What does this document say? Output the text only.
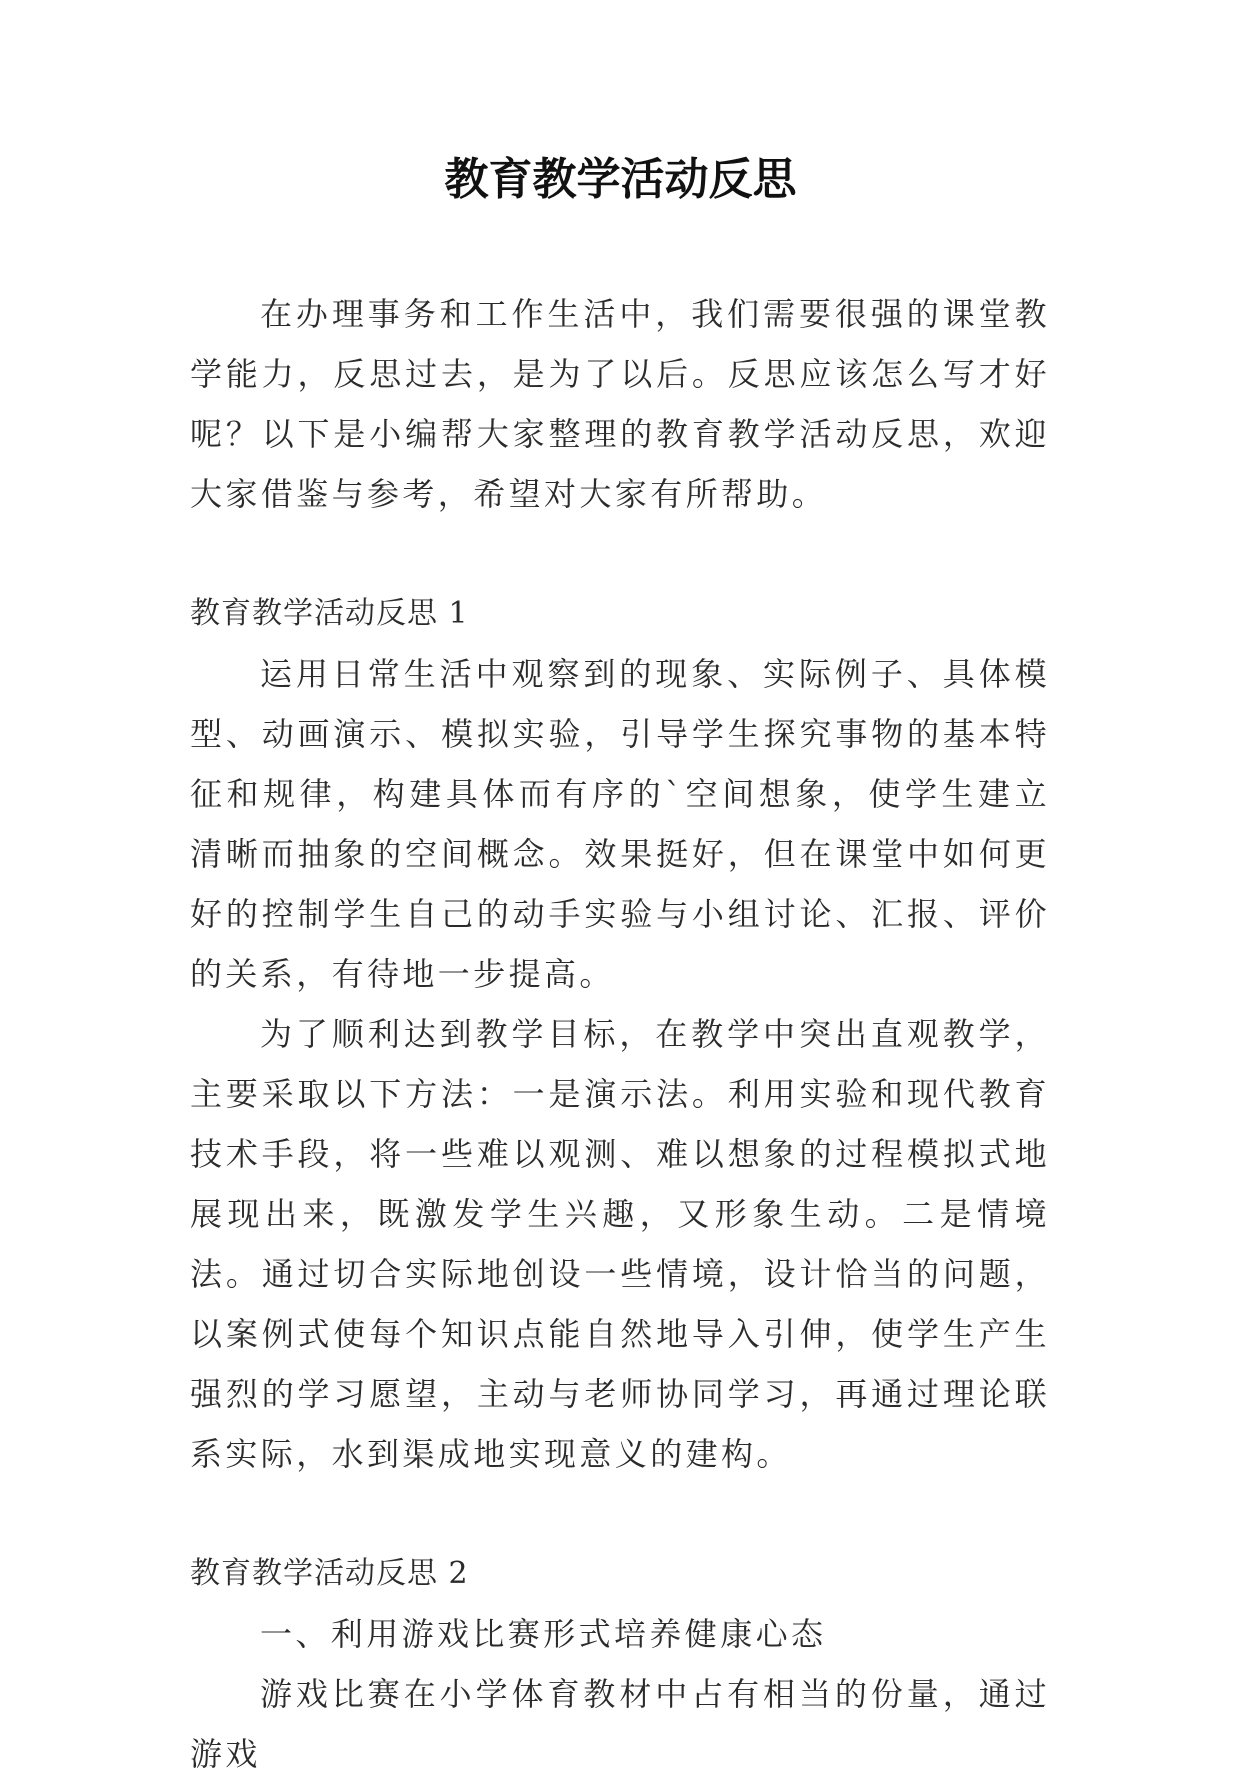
教育教学活动反思

在办理事务和工作生活中，我们需要很强的课堂教学能力，反思过去，是为了以后。反思应该怎么写才好呢？以下是小编帮大家整理的教育教学活动反思，欢迎大家借鉴与参考，希望对大家有所帮助。

教育教学活动反思 1

运用日常生活中观察到的现象、实际例子、具体模型、动画演示、模拟实验，引导学生探究事物的基本特征和规律，构建具体而有序的`空间想象，使学生建立清晰而抽象的空间概念。效果挺好，但在课堂中如何更好的控制学生自己的动手实验与小组讨论、汇报、评价的关系，有待地一步提高。

为了顺利达到教学目标，在教学中突出直观教学，主要采取以下方法：一是演示法。利用实验和现代教育技术手段，将一些难以观测、难以想象的过程模拟式地展现出来，既激发学生兴趣，又形象生动。二是情境法。通过切合实际地创设一些情境，设计恰当的问题，以案例式使每个知识点能自然地导入引伸，使学生产生强烈的学习愿望，主动与老师协同学习，再通过理论联系实际，水到渠成地实现意义的建构。

教育教学活动反思 2

一、利用游戏比赛形式培养健康心态

游戏比赛在小学体育教材中占有相当的份量，通过游戏
